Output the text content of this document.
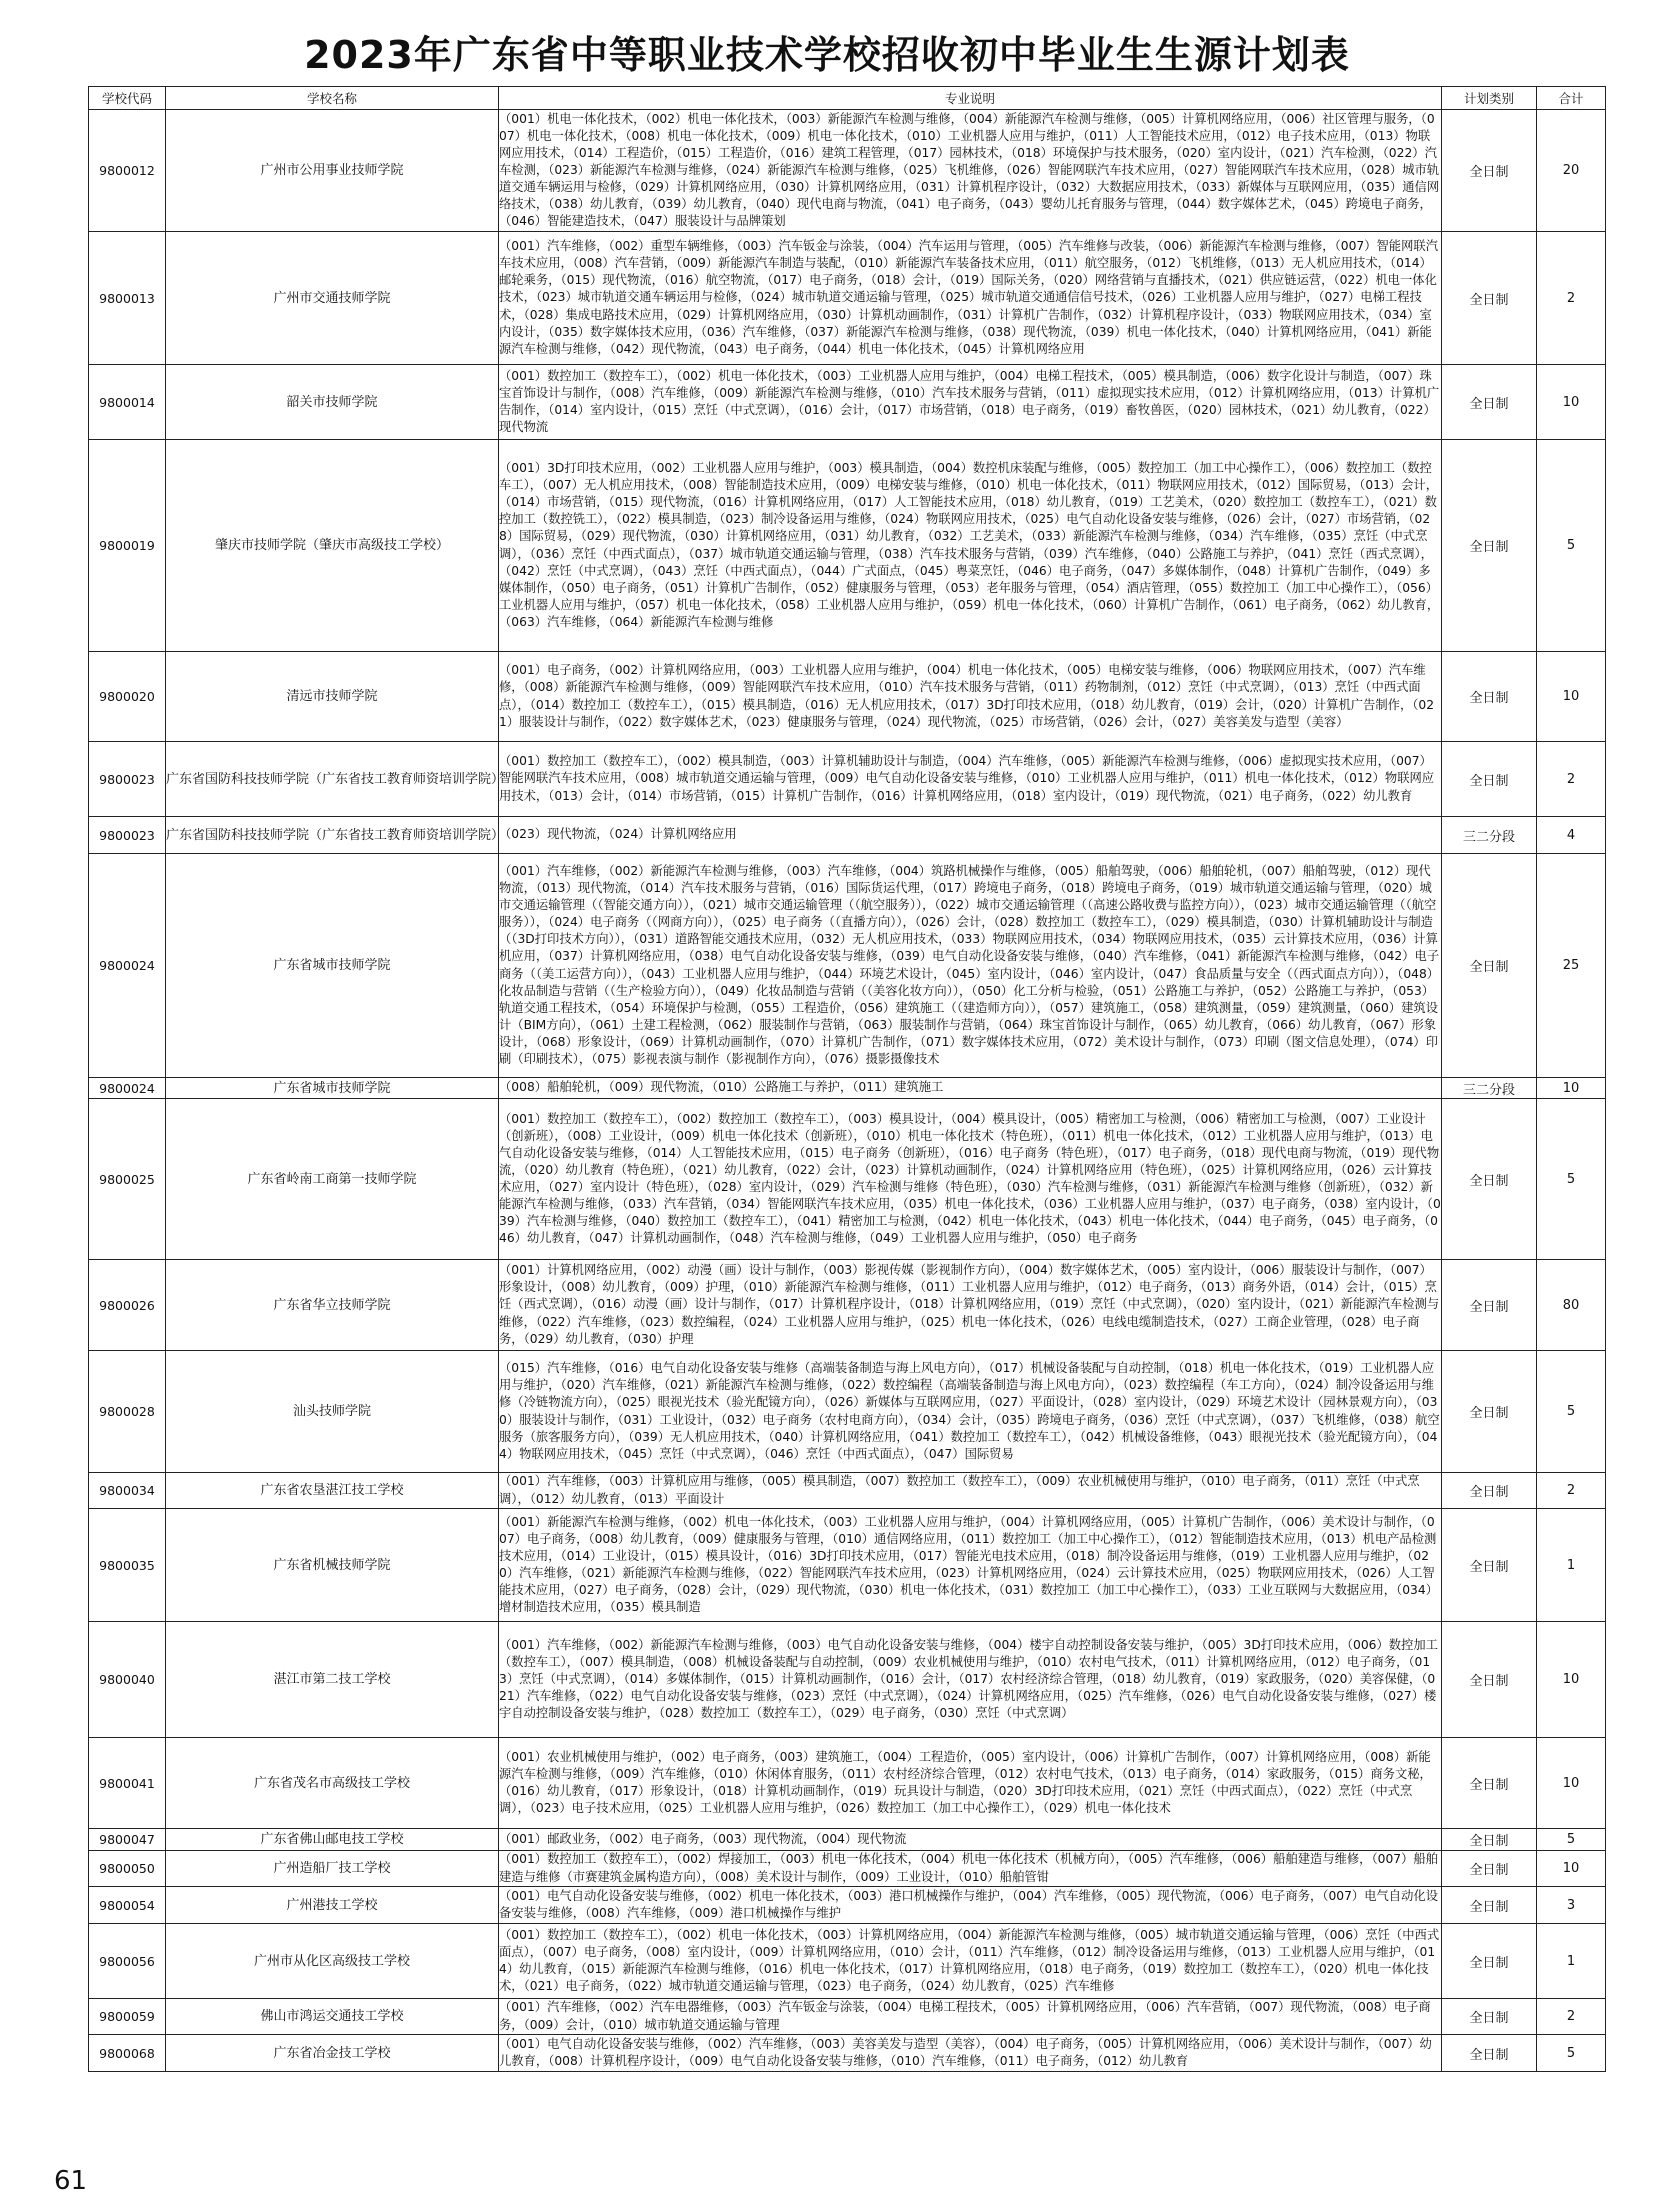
2023年广东省中等职业技术学校招收初中毕业生生源计划表
学校代码	学校名称	专业说明	计划类别	合计
9800012	广州市公用事业技师学院	（001）机电一体化技术，（002）机电一体化技术，（003）新能源汽车检测与维修，（004）新能源汽车检测与维修，（005）计算机网络应用，（006）社区管理与服务，（007）机电一体化技术，（008）机电一体化技术，（009）机电一体化技术，（010）工业机器人应用与维护，（011）人工智能技术应用，（012）电子技术应用，（013）物联网应用技术，（014）工程造价，（015）工程造价，（016）建筑工程管理，（017）园林技术，（018）环境保护与技术服务，（020）室内设计，（021）汽车检测，（022）汽车检测，（023）新能源汽车检测与维修，（024）新能源汽车检测与维修，（025）飞机维修，（026）智能网联汽车技术应用，（027）智能网联汽车技术应用，（028）城市轨道交通车辆运用与检修，（029）计算机网络应用，（030）计算机网络应用，（031）计算机程序设计，（032）大数据应用技术，（033）新媒体与互联网应用，（035）通信网络技术，（038）幼儿教育，（039）幼儿教育，（040）现代电商与物流，（041）电子商务，（043）婴幼儿托育服务与管理，（044）数字媒体艺术，（045）跨境电子商务，（046）智能建造技术，（047）服装设计与品牌策划	全日制	20
9800013	广州市交通技师学院	（001）汽车维修，（002）重型车辆维修，（003）汽车钣金与涂装，（004）汽车运用与管理，（005）汽车维修与改装，（006）新能源汽车检测与维修，（007）智能网联汽车技术应用，（008）汽车营销，（009）新能源汽车制造与装配，（010）新能源汽车装备技术应用，（011）航空服务，（012）飞机维修，（013）无人机应用技术，（014）邮轮乘务，（015）现代物流，（016）航空物流，（017）电子商务，（018）会计，（019）国际关务，（020）网络营销与直播技术，（021）供应链运营，（022）机电一体化技术，（023）城市轨道交通车辆运用与检修，（024）城市轨道交通运输与管理，（025）城市轨道交通通信信号技术，（026）工业机器人应用与维护，（027）电梯工程技术，（028）集成电路技术应用，（029）计算机网络应用，（030）计算机动画制作，（031）计算机广告制作，（032）计算机程序设计，（033）物联网应用技术，（034）室内设计，（035）数字媒体技术应用，（036）汽车维修，（037）新能源汽车检测与维修，（038）现代物流，（039）机电一体化技术，（040）计算机网络应用，（041）新能源汽车检测与维修，（042）现代物流，（043）电子商务，（044）机电一体化技术，（045）计算机网络应用	全日制	2
9800014	韶关市技师学院	（001）数控加工（数控车工），（002）机电一体化技术，（003）工业机器人应用与维护，（004）电梯工程技术，（005）模具制造，（006）数字化设计与制造，（007）珠宝首饰设计与制作，（008）汽车维修，（009）新能源汽车检测与维修，（010）汽车技术服务与营销，（011）虚拟现实技术应用，（012）计算机网络应用，（013）计算机广告制作，（014）室内设计，（015）烹饪（中式烹调），（016）会计，（017）市场营销，（018）电子商务，（019）畜牧兽医，（020）园林技术，（021）幼儿教育，（022）现代物流	全日制	10
9800019	肇庆市技师学院（肇庆市高级技工学校）	（001）3D打印技术应用，（002）工业机器人应用与维护，（003）模具制造，（004）数控机床装配与维修，（005）数控加工（加工中心操作工），（006）数控加工（数控车工），（007）无人机应用技术，（008）智能制造技术应用，（009）电梯安装与维修，（010）机电一体化技术，（011）物联网应用技术，（012）国际贸易，（013）会计，（014）市场营销，（015）现代物流，（016）计算机网络应用，（017）人工智能技术应用，（018）幼儿教育，（019）工艺美术，（020）数控加工（数控车工），（021）数控加工（数控铣工），（022）模具制造，（023）制冷设备运用与维修，（024）物联网应用技术，（025）电气自动化设备安装与维修，（026）会计，（027）市场营销，（028）国际贸易，（029）现代物流，（030）计算机网络应用，（031）幼儿教育，（032）工艺美术，（033）新能源汽车检测与维修，（034）汽车维修，（035）烹饪（中式烹调），（036）烹饪（中西式面点），（037）城市轨道交通运输与管理，（038）汽车技术服务与营销，（039）汽车维修，（040）公路施工与养护，（041）烹饪（西式烹调），（042）烹饪（中式烹调），（043）烹饪（中西式面点），（044）广式面点，（045）粤菜烹饪，（046）电子商务，（047）多媒体制作，（048）计算机广告制作，（049）多媒体制作，（050）电子商务，（051）计算机广告制作，（052）健康服务与管理，（053）老年服务与管理，（054）酒店管理，（055）数控加工（加工中心操作工），（056）工业机器人应用与维护，（057）机电一体化技术，（058）工业机器人应用与维护，（059）机电一体化技术，（060）计算机广告制作，（061）电子商务，（062）幼儿教育，（063）汽车维修，（064）新能源汽车检测与维修	全日制	5
9800020	清远市技师学院	（001）电子商务，（002）计算机网络应用，（003）工业机器人应用与维护，（004）机电一体化技术，（005）电梯安装与维修，（006）物联网应用技术，（007）汽车维修，（008）新能源汽车检测与维修，（009）智能网联汽车技术应用，（010）汽车技术服务与营销，（011）药物制剂，（012）烹饪（中式烹调），（013）烹饪（中西式面点），（014）数控加工（数控车工），（015）模具制造，（016）无人机应用技术，（017）3D打印技术应用，（018）幼儿教育，（019）会计，（020）计算机广告制作，（021）服装设计与制作，（022）数字媒体艺术，（023）健康服务与管理，（024）现代物流，（025）市场营销，（026）会计，（027）美容美发与造型（美容）	全日制	10
9800023	广东省国防科技技师学院（广东省技工教育师资培训学院）	（001）数控加工（数控车工），（002）模具制造，（003）计算机辅助设计与制造，（004）汽车维修，（005）新能源汽车检测与维修，（006）虚拟现实技术应用，（007）智能网联汽车技术应用，（008）城市轨道交通运输与管理，（009）电气自动化设备安装与维修，（010）工业机器人应用与维护，（011）机电一体化技术，（012）物联网应用技术，（013）会计，（014）市场营销，（015）计算机广告制作，（016）计算机网络应用，（018）室内设计，（019）现代物流，（021）电子商务，（022）幼儿教育	全日制	2
9800023	广东省国防科技技师学院（广东省技工教育师资培训学院）	（023）现代物流，（024）计算机网络应用	三二分段	4
9800024	广东省城市技师学院	（001）汽车维修，（002）新能源汽车检测与维修，（003）汽车维修，（004）筑路机械操作与维修，（005）船舶驾驶，（006）船舶轮机，（007）船舶驾驶，（012）现代物流，（013）现代物流，（014）汽车技术服务与营销，（016）国际货运代理，（017）跨境电子商务，（018）跨境电子商务，（019）城市轨道交通运输与管理，（020）城市交通运输管理（（智能交通方向）），（021）城市交通运输管理（（航空服务）），（022）城市交通运输管理（（高速公路收费与监控方向）），（023）城市交通运输管理（（航空服务）），（024）电子商务（（网商方向）），（025）电子商务（（直播方向）），（026）会计，（028）数控加工（数控车工），（029）模具制造，（030）计算机辅助设计与制造（（3D打印技术方向）），（031）道路智能交通技术应用，（032）无人机应用技术，（033）物联网应用技术，（034）物联网应用技术，（035）云计算技术应用，（036）计算机应用，（037）计算机网络应用，（038）电气自动化设备安装与维修，（039）电气自动化设备安装与维修，（040）汽车维修，（041）新能源汽车检测与维修，（042）电子商务（（美工运营方向）），（043）工业机器人应用与维护，（044）环境艺术设计，（045）室内设计，（046）室内设计，（047）食品质量与安全（（西式面点方向）），（048）化妆品制造与营销（（生产检验方向）），（049）化妆品制造与营销（（美容化妆方向）），（050）化工分析与检验，（051）公路施工与养护，（052）公路施工与养护，（053）轨道交通工程技术，（054）环境保护与检测，（055）工程造价，（056）建筑施工（（建造师方向）），（057）建筑施工，（058）建筑测量，（059）建筑测量，（060）建筑设计（BIM方向），（061）土建工程检测，（062）服装制作与营销，（063）服装制作与营销，（064）珠宝首饰设计与制作，（065）幼儿教育，（066）幼儿教育，（067）形象设计，（068）形象设计，（069）计算机动画制作，（070）计算机广告制作，（071）数字媒体技术应用，（072）美术设计与制作，（073）印刷（图文信息处理），（074）印刷（印刷技术），（075）影视表演与制作（影视制作方向），（076）摄影摄像技术	全日制	25
9800024	广东省城市技师学院	（008）船舶轮机，（009）现代物流，（010）公路施工与养护，（011）建筑施工	三二分段	10
9800025	广东省岭南工商第一技师学院	（001）数控加工（数控车工），（002）数控加工（数控车工），（003）模具设计，（004）模具设计，（005）精密加工与检测，（006）精密加工与检测，（007）工业设计（创新班），（008）工业设计，（009）机电一体化技术（创新班），（010）机电一体化技术（特色班），（011）机电一体化技术，（012）工业机器人应用与维护，（013）电气自动化设备安装与维修，（014）人工智能技术应用，（015）电子商务（创新班），（016）电子商务（特色班），（017）电子商务，（018）现代电商与物流，（019）现代物流，（020）幼儿教育（特色班），（021）幼儿教育，（022）会计，（023）计算机动画制作，（024）计算机网络应用（特色班），（025）计算机网络应用，（026）云计算技术应用，（027）室内设计（特色班），（028）室内设计，（029）汽车检测与维修（特色班），（030）汽车检测与维修，（031）新能源汽车检测与维修（创新班），（032）新能源汽车检测与维修，（033）汽车营销，（034）智能网联汽车技术应用，（035）机电一体化技术，（036）工业机器人应用与维护，（037）电子商务，（038）室内设计，（039）汽车检测与维修，（040）数控加工（数控车工），（041）精密加工与检测，（042）机电一体化技术，（043）机电一体化技术，（044）电子商务，（045）电子商务，（046）幼儿教育，（047）计算机动画制作，（048）汽车检测与维修，（049）工业机器人应用与维护，（050）电子商务	全日制	5
9800026	广东省华立技师学院	（001）计算机网络应用，（002）动漫（画）设计与制作，（003）影视传媒（影视制作方向），（004）数字媒体艺术，（005）室内设计，（006）服装设计与制作，（007）形象设计，（008）幼儿教育，（009）护理，（010）新能源汽车检测与维修，（011）工业机器人应用与维护，（012）电子商务，（013）商务外语，（014）会计，（015）烹饪（西式烹调），（016）动漫（画）设计与制作，（017）计算机程序设计，（018）计算机网络应用，（019）烹饪（中式烹调），（020）室内设计，（021）新能源汽车检测与维修，（022）汽车维修，（023）数控编程，（024）工业机器人应用与维护，（025）机电一体化技术，（026）电线电缆制造技术，（027）工商企业管理，（028）电子商务，（029）幼儿教育，（030）护理	全日制	80
9800028	汕头技师学院	（015）汽车维修，（016）电气自动化设备安装与维修（高端装备制造与海上风电方向），（017）机械设备装配与自动控制，（018）机电一体化技术，（019）工业机器人应用与维护，（020）汽车维修，（021）新能源汽车检测与维修，（022）数控编程（高端装备制造与海上风电方向），（023）数控编程（车工方向），（024）制冷设备运用与维修（冷链物流方向），（025）眼视光技术（验光配镜方向），（026）新媒体与互联网应用，（027）平面设计，（028）室内设计，（029）环境艺术设计（园林景观方向），（030）服装设计与制作，（031）工业设计，（032）电子商务（农村电商方向），（034）会计，（035）跨境电子商务，（036）烹饪（中式烹调），（037）飞机维修，（038）航空服务（旅客服务方向），（039）无人机应用技术，（040）计算机网络应用，（041）数控加工（数控车工），（042）机械设备维修，（043）眼视光技术（验光配镜方向），（044）物联网应用技术，（045）烹饪（中式烹调），（046）烹饪（中西式面点），（047）国际贸易	全日制	5
9800034	广东省农垦湛江技工学校	（001）汽车维修，（003）计算机应用与维修，（005）模具制造，（007）数控加工（数控车工），（009）农业机械使用与维护，（010）电子商务，（011）烹饪（中式烹调），（012）幼儿教育，（013）平面设计	全日制	2
9800035	广东省机械技师学院	（001）新能源汽车检测与维修，（002）机电一体化技术，（003）工业机器人应用与维护，（004）计算机网络应用，（005）计算机广告制作，（006）美术设计与制作，（007）电子商务，（008）幼儿教育，（009）健康服务与管理，（010）通信网络应用，（011）数控加工（加工中心操作工），（012）智能制造技术应用，（013）机电产品检测技术应用，（014）工业设计，（015）模具设计，（016）3D打印技术应用，（017）智能光电技术应用，（018）制冷设备运用与维修，（019）工业机器人应用与维护，（020）汽车维修，（021）新能源汽车检测与维修，（022）智能网联汽车技术应用，（023）计算机网络应用，（024）云计算技术应用，（025）物联网应用技术，（026）人工智能技术应用，（027）电子商务，（028）会计，（029）现代物流，（030）机电一体化技术，（031）数控加工（加工中心操作工），（033）工业互联网与大数据应用，（034）增材制造技术应用，（035）模具制造	全日制	1
9800040	湛江市第二技工学校	（001）汽车维修，（002）新能源汽车检测与维修，（003）电气自动化设备安装与维修，（004）楼宇自动控制设备安装与维护，（005）3D打印技术应用，（006）数控加工（数控车工），（007）模具制造，（008）机械设备装配与自动控制，（009）农业机械使用与维护，（010）农村电气技术，（011）计算机网络应用，（012）电子商务，（013）烹饪（中式烹调），（014）多媒体制作，（015）计算机动画制作，（016）会计，（017）农村经济综合管理，（018）幼儿教育，（019）家政服务，（020）美容保健，（021）汽车维修，（022）电气自动化设备安装与维修，（023）烹饪（中式烹调），（024）计算机网络应用，（025）汽车维修，（026）电气自动化设备安装与维修，（027）楼宇自动控制设备安装与维护，（028）数控加工（数控车工），（029）电子商务，（030）烹饪（中式烹调）	全日制	10
9800041	广东省茂名市高级技工学校	（001）农业机械使用与维护，（002）电子商务，（003）建筑施工，（004）工程造价，（005）室内设计，（006）计算机广告制作，（007）计算机网络应用，（008）新能源汽车检测与维修，（009）汽车维修，（010）休闲体育服务，（011）农村经济综合管理，（012）农村电气技术，（013）电子商务，（014）家政服务，（015）商务文秘，（016）幼儿教育，（017）形象设计，（018）计算机动画制作，（019）玩具设计与制造，（020）3D打印技术应用，（021）烹饪（中西式面点），（022）烹饪（中式烹调），（023）电子技术应用，（025）工业机器人应用与维护，（026）数控加工（加工中心操作工），（029）机电一体化技术	全日制	10
9800047	广东省佛山邮电技工学校	（001）邮政业务，（002）电子商务，（003）现代物流，（004）现代物流	全日制	5
9800050	广州造船厂技工学校	（001）数控加工（数控车工），（002）焊接加工，（003）机电一体化技术，（004）机电一体化技术（机械方向），（005）汽车维修，（006）船舶建造与维修，（007）船舶建造与维修（市赛建筑金属构造方向），（008）美术设计与制作，（009）工业设计，（010）船舶管钳	全日制	10
9800054	广州港技工学校	（001）电气自动化设备安装与维修，（002）机电一体化技术，（003）港口机械操作与维护，（004）汽车维修，（005）现代物流，（006）电子商务，（007）电气自动化设备安装与维修，（008）汽车维修，（009）港口机械操作与维护	全日制	3
9800056	广州市从化区高级技工学校	（001）数控加工（数控车工），（002）机电一体化技术，（003）计算机网络应用，（004）新能源汽车检测与维修，（005）城市轨道交通运输与管理，（006）烹饪（中西式面点），（007）电子商务，（008）室内设计，（009）计算机网络应用，（010）会计，（011）汽车维修，（012）制冷设备运用与维修，（013）工业机器人应用与维护，（014）幼儿教育，（015）新能源汽车检测与维修，（016）机电一体化技术，（017）计算机网络应用，（018）电子商务，（019）数控加工（数控车工），（020）机电一体化技术，（021）电子商务，（022）城市轨道交通运输与管理，（023）电子商务，（024）幼儿教育，（025）汽车维修	全日制	1
9800059	佛山市鸿运交通技工学校	（001）汽车维修，（002）汽车电器维修，（003）汽车钣金与涂装，（004）电梯工程技术，（005）计算机网络应用，（006）汽车营销，（007）现代物流，（008）电子商务，（009）会计，（010）城市轨道交通运输与管理	全日制	2
9800068	广东省冶金技工学校	（001）电气自动化设备安装与维修，（002）汽车维修，（003）美容美发与造型（美容），（004）电子商务，（005）计算机网络应用，（006）美术设计与制作，（007）幼儿教育，（008）计算机程序设计，（009）电气自动化设备安装与维修，（010）汽车维修，（011）电子商务，（012）幼儿教育	全日制	5
61
